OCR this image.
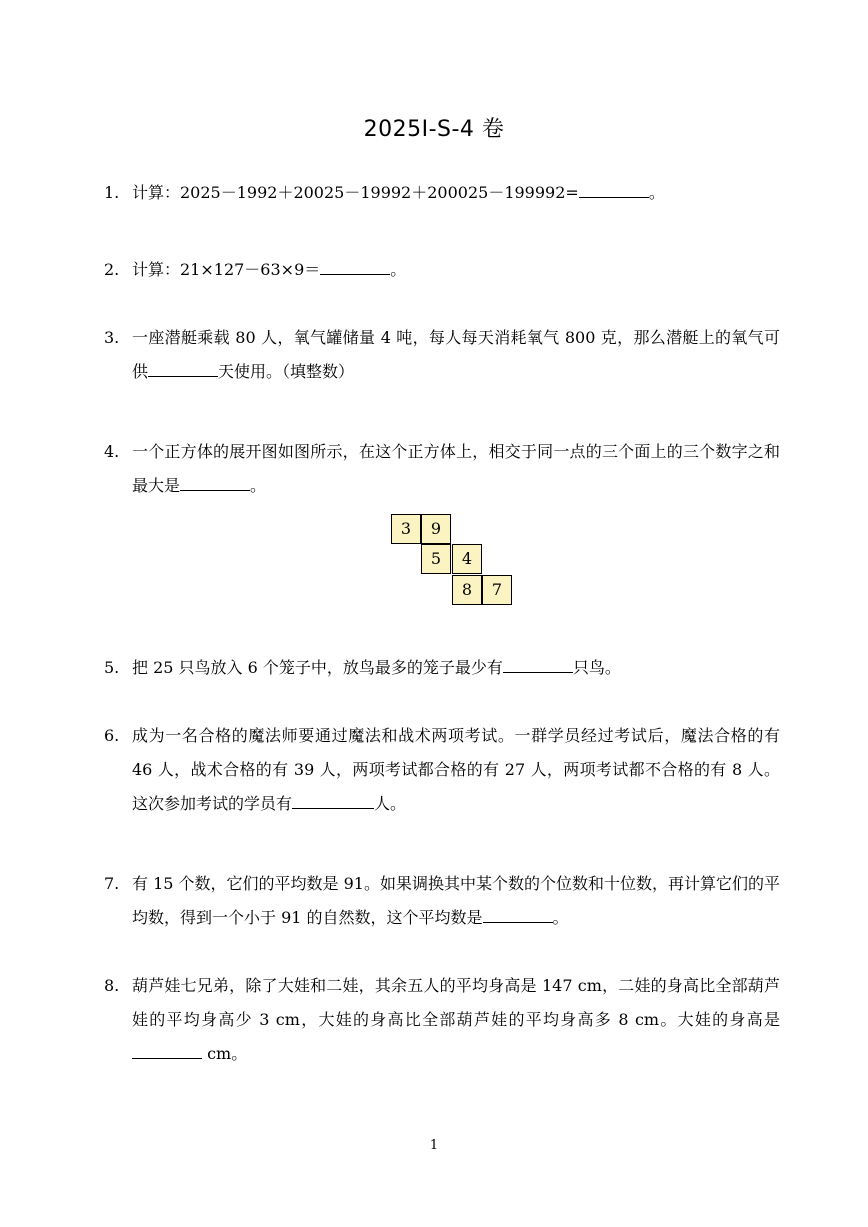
2025I-S-4 卷
1. 计算：2025－1992＋20025－19992＋200025－199992=	。
2. 计算：21×127－63×9＝	。
3. 一座潜艇乘载 80 人，氧气罐储量 4 吨，每人每天消耗氧气 800 克，那么潜艇上的氧气可供	天使用。（填整数）
4. 一个正方体的展开图如图所示，在这个正方体上，相交于同一点的三个面上的三个数字之和最大是	。
3	9
5	4
8	7
5. 把 25 只鸟放入 6 个笼子中，放鸟最多的笼子最少有	只鸟。
6. 成为一名合格的魔法师要通过魔法和战术两项考试。一群学员经过考试后，魔法合格的有 46 人，战术合格的有 39 人，两项考试都合格的有 27 人，两项考试都不合格的有 8 人。这次参加考试的学员有	人。
7. 有 15 个数，它们的平均数是 91。如果调换其中某个数的个位数和十位数，再计算它们的平均数，得到一个小于 91 的自然数，这个平均数是	。
8. 葫芦娃七兄弟，除了大娃和二娃，其余五人的平均身高是 147 cm，二娃的身高比全部葫芦娃的平均身高少 3 cm，大娃的身高比全部葫芦娃的平均身高多 8 cm。大娃的身高是 cm。
1
